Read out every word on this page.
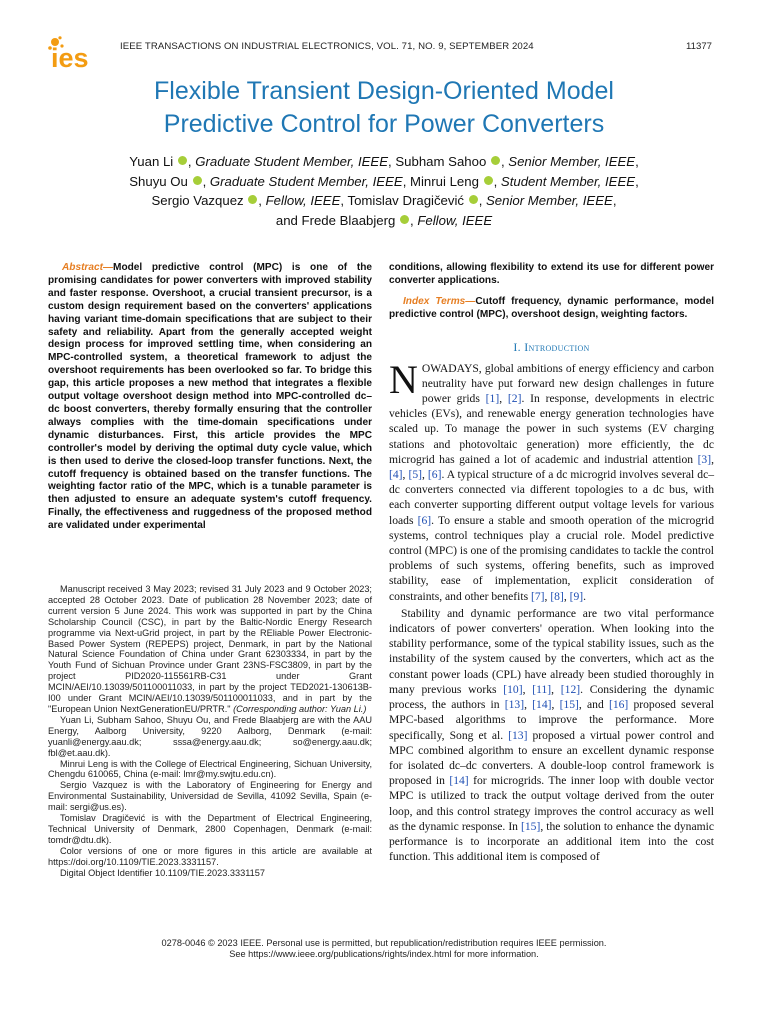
ies	IEEE TRANSACTIONS ON INDUSTRIAL ELECTRONICS, VOL. 71, NO. 9, SEPTEMBER 2024	11377
Flexible Transient Design-Oriented Model
Predictive Control for Power Converters
Yuan Li , Graduate Student Member, IEEE, Subham Sahoo , Senior Member, IEEE,
Shuyu Ou , Graduate Student Member, IEEE, Minrui Leng , Student Member, IEEE,
Sergio Vazquez , Fellow, IEEE, Tomislav Dragičević , Senior Member, IEEE,
and Frede Blaabjerg , Fellow, IEEE

Abstract—Model predictive control (MPC) is one of the promising candidates for power converters with improved stability and faster response. Overshoot, a crucial transient precursor, is a custom design requirement based on the converters' applications having variant time-domain specifications that are subject to their safety and reliability. Apart from the generally accepted weight design process for improved settling time, when considering an MPC-controlled system, a theoretical framework to adjust the overshoot requirements has been overlooked so far. To bridge this gap, this article proposes a new method that integrates a flexible output voltage overshoot design method into MPC-controlled dc–dc boost converters, thereby formally ensuring that the controller always complies with the time-domain specifications under dynamic disturbances. First, this article provides the MPC controller's model by deriving the optimal duty cycle value, which is then used to derive the closed-loop transfer functions. Next, the cutoff frequency is obtained based on the transfer functions. The weighting factor ratio of the MPC, which is a tunable parameter is then adjusted to ensure an adequate system's cutoff frequency. Finally, the effectiveness and ruggedness of the proposed method are validated under experimental

Manuscript received 3 May 2023; revised 31 July 2023 and 9 October 2023; accepted 28 October 2023. Date of publication 28 November 2023; date of current version 5 June 2024. This work was supported in part by the China Scholarship Council (CSC), in part by the Baltic-Nordic Energy Research programme via Next-uGrid project, in part by the REliable Power Electronic-Based Power System (REPEPS) project, Denmark, in part by the National Natural Science Foundation of China under Grant 62303334, in part by the Youth Fund of Sichuan Province under Grant 23NS-FSC3809, in part by the project PID2020-115561RB-C31 under Grant MCIN/AEI/10.13039/501100011033, in part by the project TED2021-130613B-I00 under Grant MCIN/AEI/10.13039/501100011033, and in part by the "European Union NextGenerationEU/PRTR." (Corresponding author: Yuan Li.)

Yuan Li, Subham Sahoo, Shuyu Ou, and Frede Blaabjerg are with the AAU Energy, Aalborg University, 9220 Aalborg, Denmark (e-mail: yuanli@energy.aau.dk; sssa@energy.aau.dk; so@energy.aau.dk; fbl@et.aau.dk).

Minrui Leng is with the College of Electrical Engineering, Sichuan University, Chengdu 610065, China (e-mail: lmr@my.swjtu.edu.cn).

Sergio Vazquez is with the Laboratory of Engineering for Energy and Environmental Sustainability, Universidad de Sevilla, 41092 Sevilla, Spain (e-mail: sergi@us.es).

Tomislav Dragičević is with the Department of Electrical Engineering, Technical University of Denmark, 2800 Copenhagen, Denmark (e-mail: tomdr@dtu.dk).

Color versions of one or more figures in this article are available at https://doi.org/10.1109/TIE.2023.3331157.

Digital Object Identifier 10.1109/TIE.2023.3331157

conditions, allowing flexibility to extend its use for different power converter applications.

Index Terms—Cutoff frequency, dynamic performance, model predictive control (MPC), overshoot design, weighting factors.

I. Introduction

NOWADAYS, global ambitions of energy efficiency and carbon neutrality have put forward new design challenges in future power grids [1], [2]. In response, developments in electric vehicles (EVs), and renewable energy generation technologies have scaled up. To manage the power in such systems (EV charging stations and photovoltaic generation) more efficiently, the dc microgrid has gained a lot of academic and industrial attention [3], [4], [5], [6]. A typical structure of a dc microgrid involves several dc–dc converters connected via different topologies to a dc bus, with each converter supporting different output voltage levels for various loads [6]. To ensure a stable and smooth operation of the microgrid systems, control techniques play a crucial role. Model predictive control (MPC) is one of the promising candidates to tackle the control problems of such systems, offering benefits, such as improved stability, ease of implementation, explicit consideration of constraints, and other benefits [7], [8], [9].

Stability and dynamic performance are two vital performance indicators of power converters' operation. When looking into the stability performance, some of the typical stability issues, such as the instability of the system caused by the converters, which act as the constant power loads (CPL) have already been studied thoroughly in many previous works [10], [11], [12]. Considering the dynamic process, the authors in [13], [14], [15], and [16] proposed several MPC-based algorithms to improve the performance. More specifically, Song et al. [13] proposed a virtual power control and MPC combined algorithm to ensure an excellent dynamic response for isolated dc–dc converters. A double-loop control framework is proposed in [14] for microgrids. The inner loop with double vector MPC is utilized to track the output voltage derived from the outer loop, and this control strategy improves the control accuracy as well as the dynamic response. In [15], the solution to enhance the dynamic performance is to incorporate an additional item into the cost function. This additional item is composed of

0278-0046 © 2023 IEEE. Personal use is permitted, but republication/redistribution requires IEEE permission.
See https://www.ieee.org/publications/rights/index.html for more information.
